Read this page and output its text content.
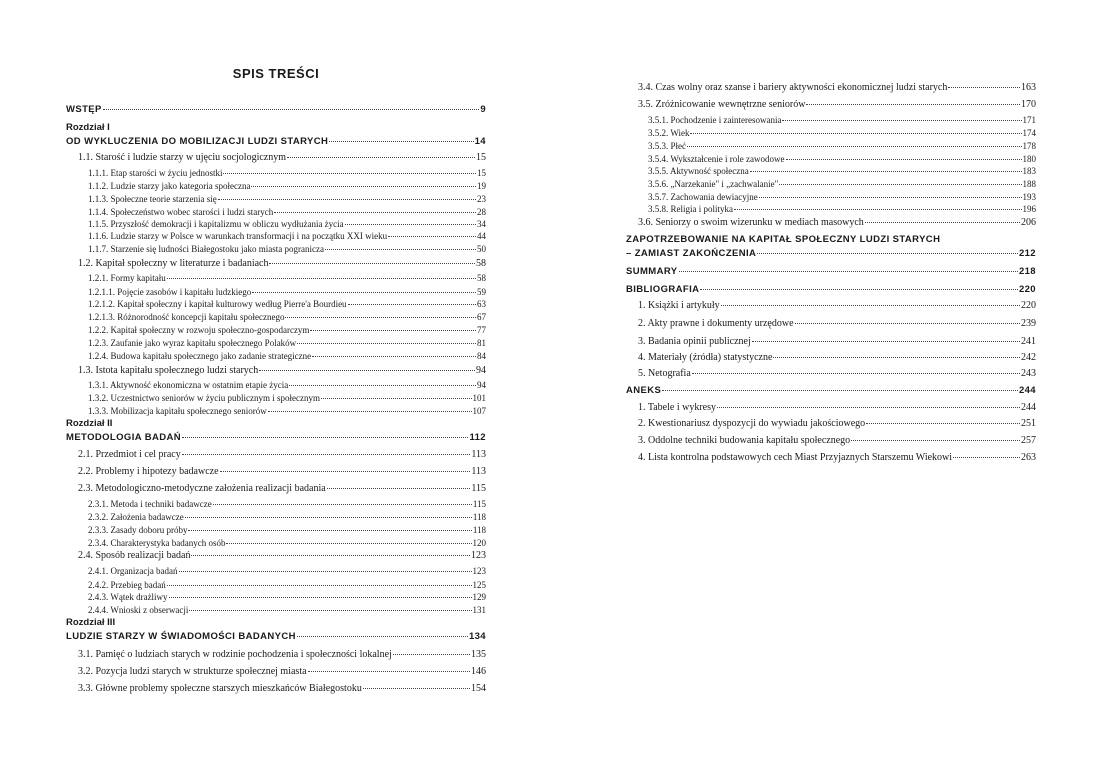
SPIS TREŚCI
WSTĘP	9
Rozdział I
OD WYKLUCZENIA DO MOBILIZACJI LUDZI STARYCH	14
1.1. Starość i ludzie starzy w ujęciu socjologicznym	15
1.1.1. Etap starości w życiu jednostki	15
1.1.2. Ludzie starzy jako kategoria społeczna	19
1.1.3. Społeczne teorie starzenia się	23
1.1.4. Społeczeństwo wobec starości i ludzi starych	28
1.1.5. Przyszłość demokracji i kapitalizmu w obliczu wydłużania życia	34
1.1.6. Ludzie starzy w Polsce w warunkach transformacji i na początku XXI wieku	44
1.1.7. Starzenie się ludności Białegostoku jako miasta pogranicza	50
1.2. Kapitał społeczny w literaturze i badaniach	58
1.2.1. Formy kapitału	58
1.2.1.1. Pojęcie zasobów i kapitału ludzkiego	59
1.2.1.2. Kapitał społeczny i kapitał kulturowy według Pierre'a Bourdieu	63
1.2.1.3. Różnorodność koncepcji kapitału społecznego	67
1.2.2. Kapitał społeczny w rozwoju społeczno-gospodarczym	77
1.2.3. Zaufanie jako wyraz kapitału społecznego Polaków	81
1.2.4. Budowa kapitału społecznego jako zadanie strategiczne	84
1.3. Istota kapitału społecznego ludzi starych	94
1.3.1. Aktywność ekonomiczna w ostatnim etapie życia	94
1.3.2. Uczestnictwo seniorów w życiu publicznym i społecznym	101
1.3.3. Mobilizacja kapitału społecznego seniorów	107
Rozdział II
METODOLOGIA BADAŃ	112
2.1. Przedmiot i cel pracy	113
2.2. Problemy i hipotezy badawcze	113
2.3. Metodologiczno-metodyczne założenia realizacji badania	115
2.3.1. Metoda i techniki badawcze	115
2.3.2. Założenia badawcze	118
2.3.3. Zasady doboru próby	118
2.3.4. Charakterystyka badanych osób	120
2.4. Sposób realizacji badań	123
2.4.1. Organizacja badań	123
2.4.2. Przebieg badań	125
2.4.3. Wątek drażliwy	129
2.4.4. Wnioski z obserwacji	131
Rozdział III
LUDZIE STARZY W ŚWIADOMOŚCI BADANYCH	134
3.1. Pamięć o ludziach starych w rodzinie pochodzenia i społeczności lokalnej	135
3.2. Pozycja ludzi starych w strukturze społecznej miasta	146
3.3. Główne problemy społeczne starszych mieszkańców Białegostoku	154
3.4. Czas wolny oraz szanse i bariery aktywności ekonomicznej ludzi starych	163
3.5. Zróżnicowanie wewnętrzne seniorów	170
3.5.1. Pochodzenie i zainteresowania	171
3.5.2. Wiek	174
3.5.3. Płeć	178
3.5.4. Wykształcenie i role zawodowe	180
3.5.5. Aktywność społeczna	183
3.5.6. „Narzekanie" i „zachwalanie"	188
3.5.7. Zachowania dewiacyjne	193
3.5.8. Religia i polityka	196
3.6. Seniorzy o swoim wizerunku w mediach masowych	206
ZAPOTRZEBOWANIE NA KAPITAŁ SPOŁECZNY LUDZI STARYCH
– ZAMIAST ZAKOŃCZENIA	212
SUMMARY	218
BIBLIOGRAFIA	220
1. Książki i artykuły	220
2. Akty prawne i dokumenty urzędowe	239
3. Badania opinii publicznej	241
4. Materiały (źródła) statystyczne	242
5. Netografia	243
ANEKS	244
1. Tabele i wykresy	244
2. Kwestionariusz dyspozycji do wywiadu jakościowego	251
3. Oddolne techniki budowania kapitału społecznego	257
4. Lista kontrolna podstawowych cech Miast Przyjaznych Starszemu Wiekowi	263
